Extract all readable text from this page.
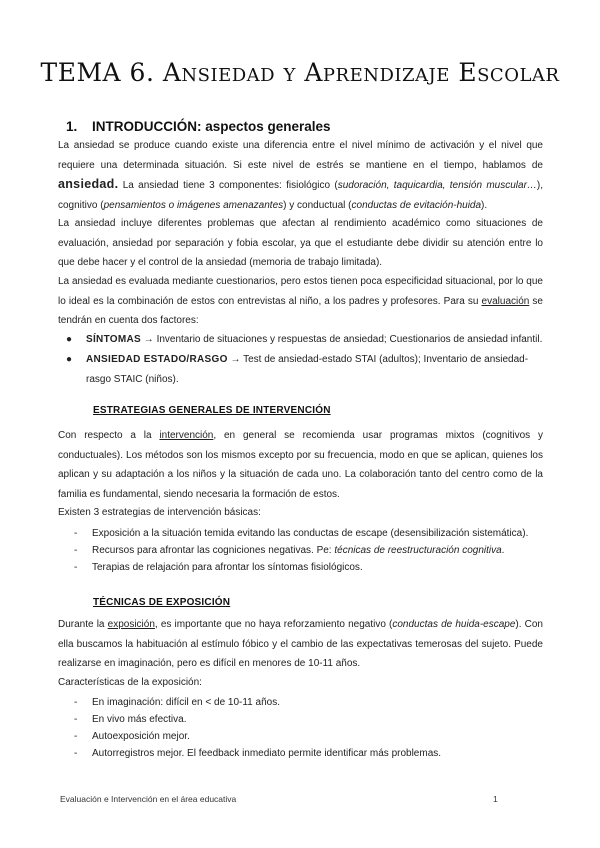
TEMA 6. Ansiedad y Aprendizaje Escolar
1. INTRODUCCIÓN: aspectos generales
La ansiedad se produce cuando existe una diferencia entre el nivel mínimo de activación y el nivel que requiere una determinada situación. Si este nivel de estrés se mantiene en el tiempo, hablamos de ansiedad. La ansiedad tiene 3 componentes: fisiológico (sudoración, taquicardia, tensión muscular…), cognitivo (pensamientos o imágenes amenazantes) y conductual (conductas de evitación-huida).
La ansiedad incluye diferentes problemas que afectan al rendimiento académico como situaciones de evaluación, ansiedad por separación y fobia escolar, ya que el estudiante debe dividir su atención entre lo que debe hacer y el control de la ansiedad (memoria de trabajo limitada).
La ansiedad es evaluada mediante cuestionarios, pero estos tienen poca especificidad situacional, por lo que lo ideal es la combinación de estos con entrevistas al niño, a los padres y profesores. Para su evaluación se tendrán en cuenta dos factores:
● SÍNTOMAS → Inventario de situaciones y respuestas de ansiedad; Cuestionarios de ansiedad infantil.
● ANSIEDAD ESTADO/RASGO → Test de ansiedad-estado STAI (adultos); Inventario de ansiedad-rasgo STAIC (niños).
ESTRATEGIAS GENERALES DE INTERVENCIÓN
Con respecto a la intervención, en general se recomienda usar programas mixtos (cognitivos y conductuales). Los métodos son los mismos excepto por su frecuencia, modo en que se aplican, quienes los aplican y su adaptación a los niños y la situación de cada uno. La colaboración tanto del centro como de la familia es fundamental, siendo necesaria la formación de estos.
Existen 3 estrategias de intervención básicas:
- Exposición a la situación temida evitando las conductas de escape (desensibilización sistemática).
- Recursos para afrontar las cogniciones negativas. Pe: técnicas de reestructuración cognitiva.
- Terapias de relajación para afrontar los síntomas fisiológicos.
TÉCNICAS DE EXPOSICIÓN
Durante la exposición, es importante que no haya reforzamiento negativo (conductas de huida-escape). Con ella buscamos la habituación al estímulo fóbico y el cambio de las expectativas temerosas del sujeto. Puede realizarse en imaginación, pero es difícil en menores de 10-11 años.
Características de la exposición:
- En imaginación: difícil en < de 10-11 años.
- En vivo más efectiva.
- Autoexposición mejor.
- Autorregistros mejor. El feedback inmediato permite identificar más problemas.
Evaluación e Intervención en el área educativa	1
